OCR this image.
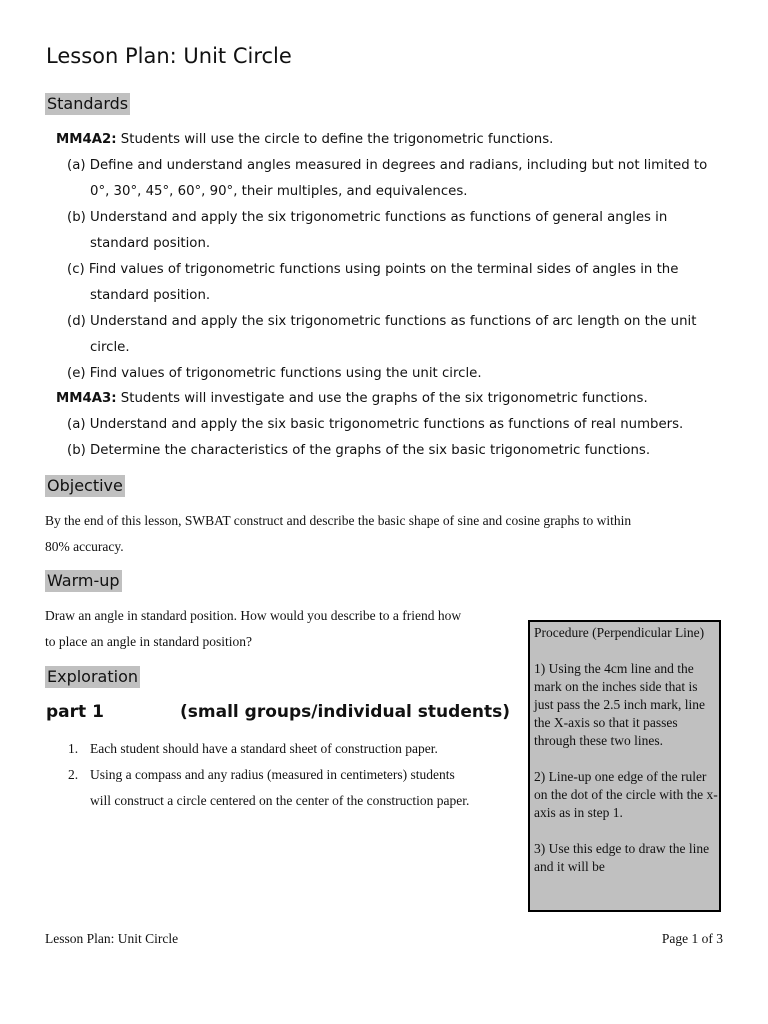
Lesson Plan: Unit Circle
Standards
MM4A2: Students will use the circle to define the trigonometric functions.
(a) Define and understand angles measured in degrees and radians, including but not limited to
0°, 30°, 45°, 60°, 90°, their multiples, and equivalences.
(b) Understand and apply the six trigonometric functions as functions of general angles in
standard position.
(c) Find values of trigonometric functions using points on the terminal sides of angles in the
standard position.
(d) Understand and apply the six trigonometric functions as functions of arc length on the unit
circle.
(e) Find values of trigonometric functions using the unit circle.
MM4A3: Students will investigate and use the graphs of the six trigonometric functions.
(a) Understand and apply the six basic trigonometric functions as functions of real numbers.
(b) Determine the characteristics of the graphs of the six basic trigonometric functions.
Objective
By the end of this lesson, SWBAT construct and describe the basic shape of sine and cosine graphs to within
80% accuracy.
Warm-up
Draw an angle in standard position. How would you describe to a friend how
to place an angle in standard position?
Exploration
part 1	(small groups/individual students)
1. Each student should have a standard sheet of construction paper.
2. Using a compass and any radius (measured in centimeters) students
will construct a circle centered on the center of the construction paper.

Procedure (Perpendicular Line)

1) Using the 4cm line and the mark on the inches side that is just pass the 2.5 inch mark, line the X-axis so that it passes through these two lines.

2) Line-up one edge of the ruler on the dot of the circle with the x-axis as in step 1.

3) Use this edge to draw the line and it will be

Lesson Plan: Unit Circle	Page 1 of 3
